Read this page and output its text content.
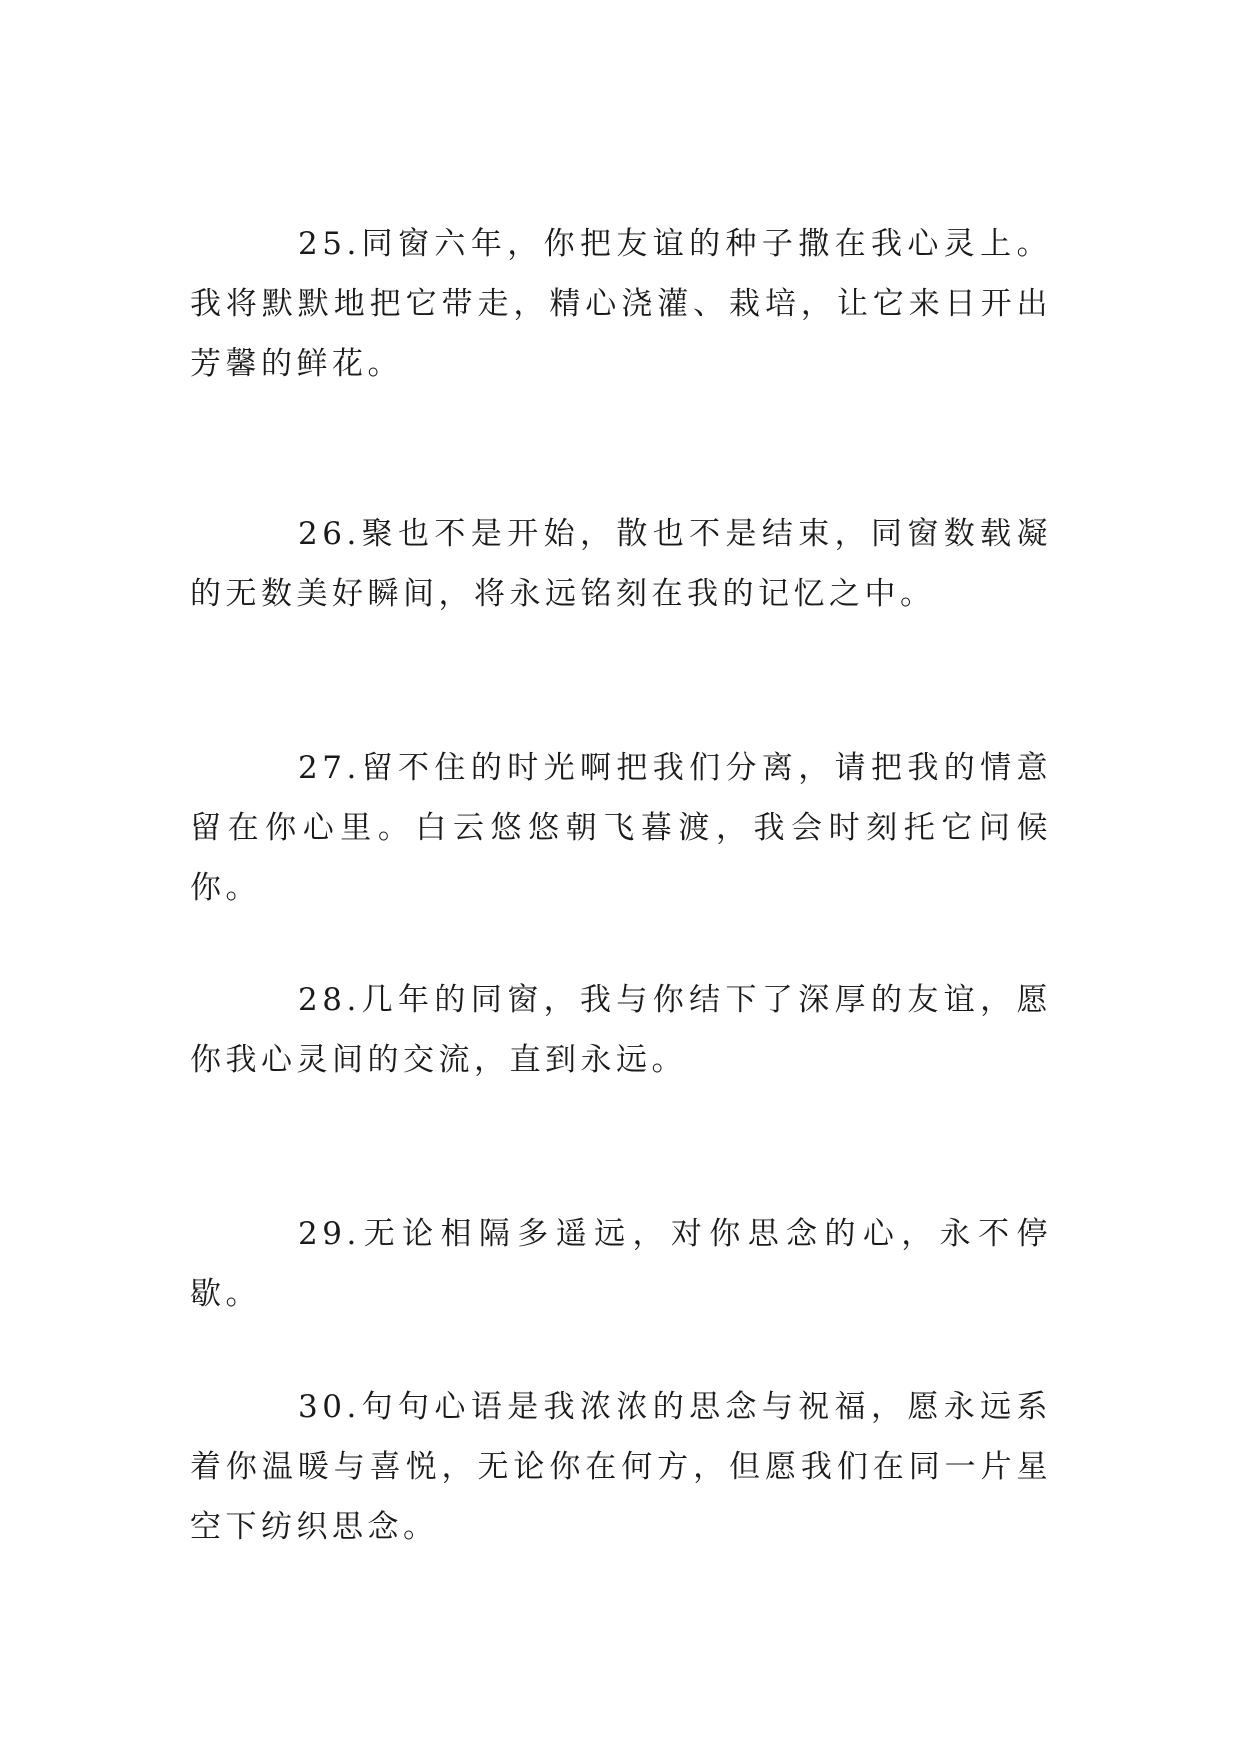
25.同窗六年，你把友谊的种子撒在我心灵上。我将默默地把它带走，精心浇灌、栽培，让它来日开出芳馨的鲜花。

26.聚也不是开始，散也不是结束，同窗数载凝的无数美好瞬间，将永远铭刻在我的记忆之中。

27.留不住的时光啊把我们分离，请把我的情意留在你心里。白云悠悠朝飞暮渡，我会时刻托它问候你。

28.几年的同窗，我与你结下了深厚的友谊，愿你我心灵间的交流，直到永远。

29.无论相隔多遥远，对你思念的心，永不停歇。

30.句句心语是我浓浓的思念与祝福，愿永远系着你温暖与喜悦，无论你在何方，但愿我们在同一片星空下纺织思念。
